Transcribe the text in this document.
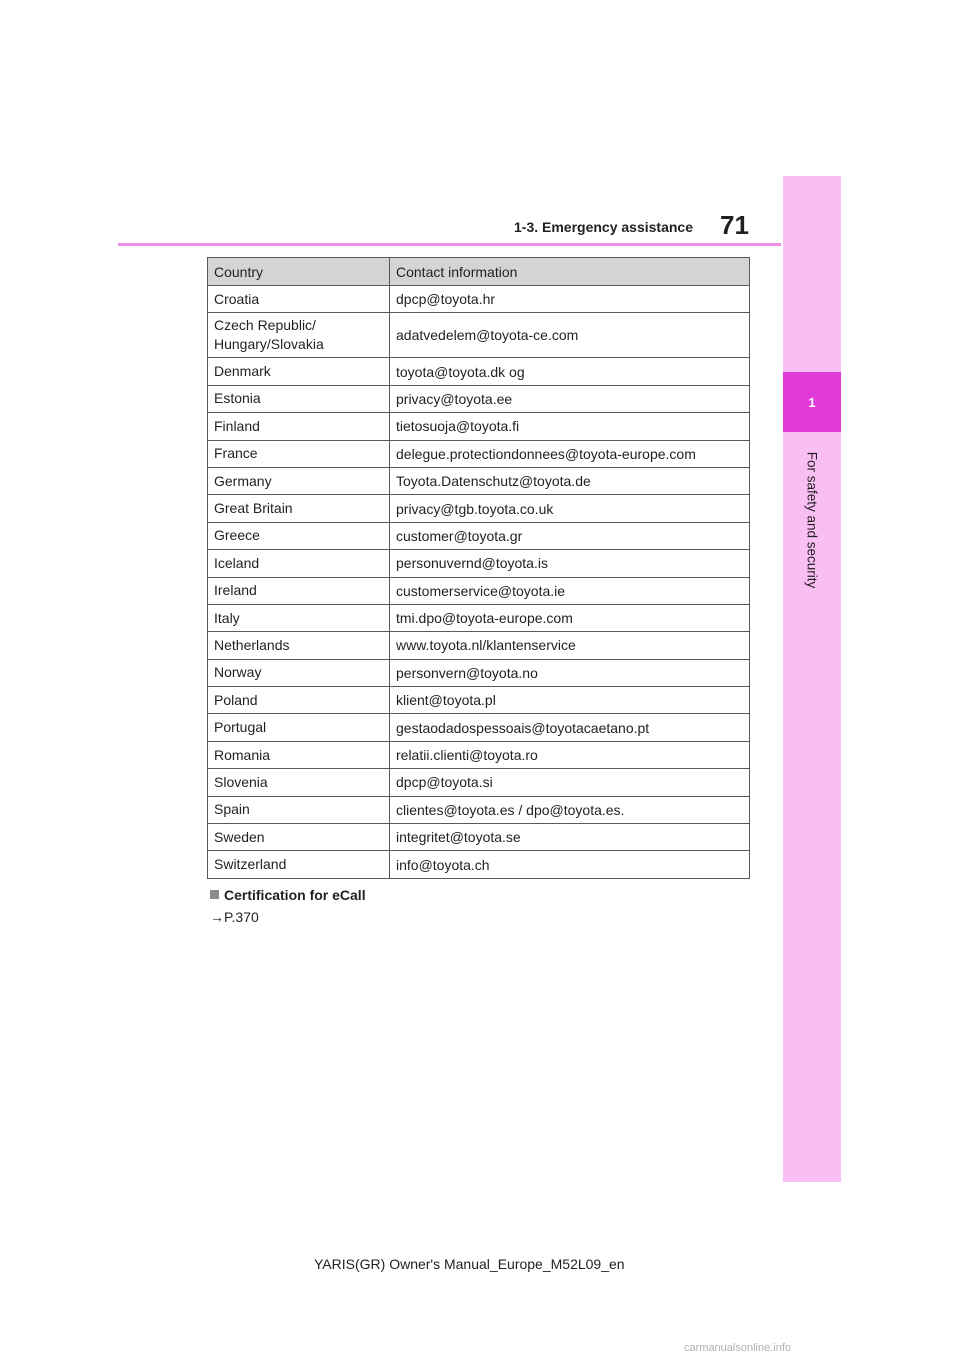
1
For safety and security
1-3. Emergency assistance 71
Country	Contact information
Croatia	dpcp@toyota.hr
Czech Republic/
Hungary/Slovakia	adatvedelem@toyota-ce.com
Denmark	toyota@toyota.dk og
Estonia	privacy@toyota.ee
Finland	tietosuoja@toyota.fi
France	delegue.protectiondonnees@toyota-europe.com
Germany	Toyota.Datenschutz@toyota.de
Great Britain	privacy@tgb.toyota.co.uk
Greece	customer@toyota.gr
Iceland	personuvernd@toyota.is
Ireland	customerservice@toyota.ie
Italy	tmi.dpo@toyota-europe.com
Netherlands	www.toyota.nl/klantenservice
Norway	personvern@toyota.no
Poland	klient@toyota.pl
Portugal	gestaodadospessoais@toyotacaetano.pt
Romania	relatii.clienti@toyota.ro
Slovenia	dpcp@toyota.si
Spain	clientes@toyota.es / dpo@toyota.es.
Sweden	integritet@toyota.se
Switzerland	info@toyota.ch
Certification for eCall
→P.370
YARIS(GR) Owner's Manual_Europe_M52L09_en
carmanualsonline.info
